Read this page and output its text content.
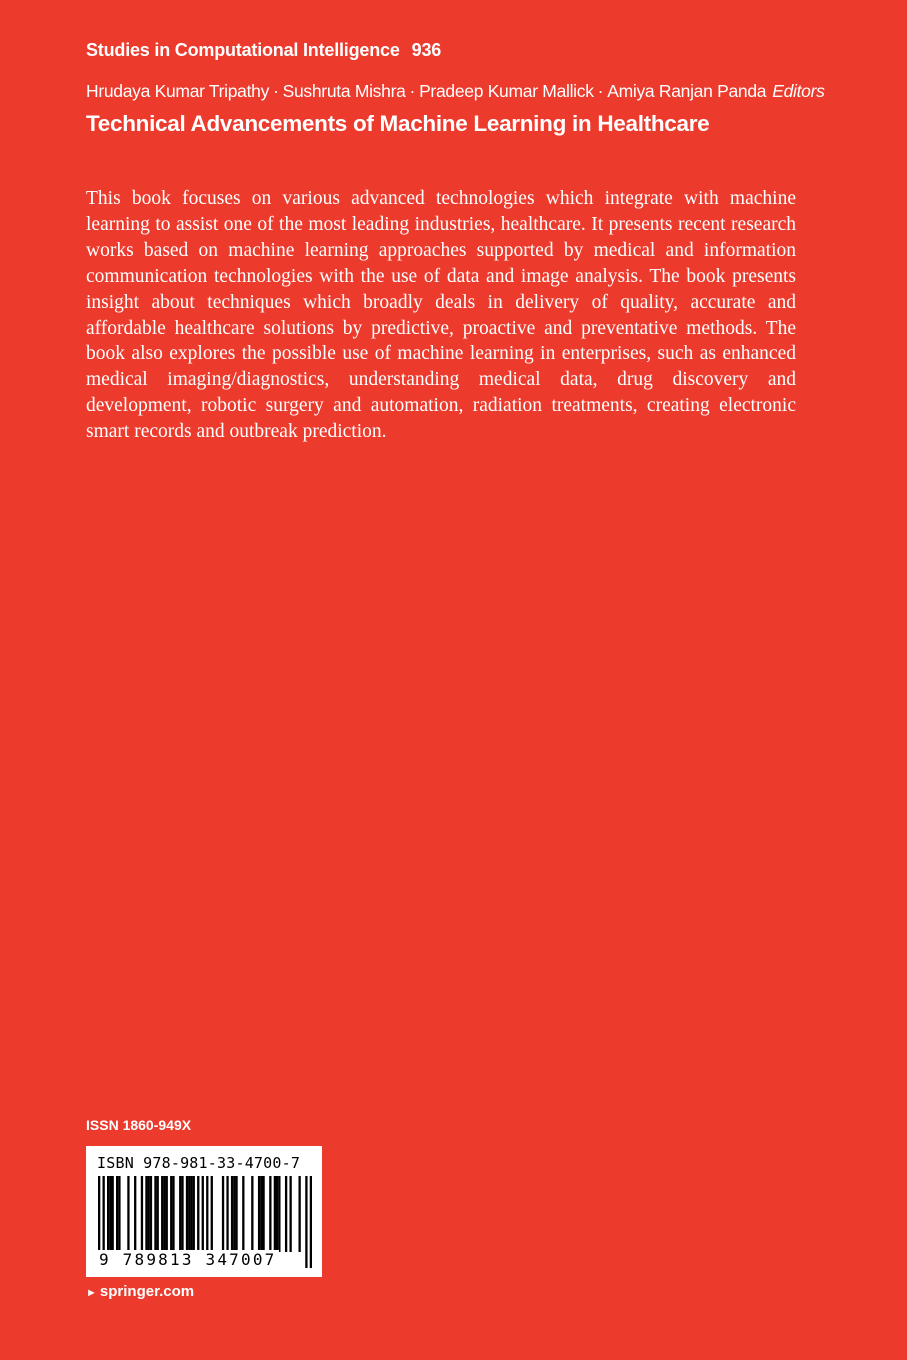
Studies in Computational Intelligence 936
Hrudaya Kumar Tripathy · Sushruta Mishra · Pradeep Kumar Mallick · Amiya Ranjan Panda Editors
Technical Advancements of Machine Learning in Healthcare

This book focuses on various advanced technologies which integrate with machine learning to assist one of the most leading industries, healthcare. It presents recent research works based on machine learning approaches supported by medical and information communication technologies with the use of data and image analysis. The book presents insight about techniques which broadly deals in delivery of quality, accurate and affordable healthcare solutions by predictive, proactive and preventative methods. The book also explores the possible use of machine learning in enterprises, such as enhanced medical imaging/diagnostics, understanding medical data, drug discovery and development, robotic surgery and automation, radiation treatments, creating electronic smart records and outbreak prediction.

ISSN 1860-949X
ISBN 978-981-33-4700-7
9 789813 347007
► springer.com
